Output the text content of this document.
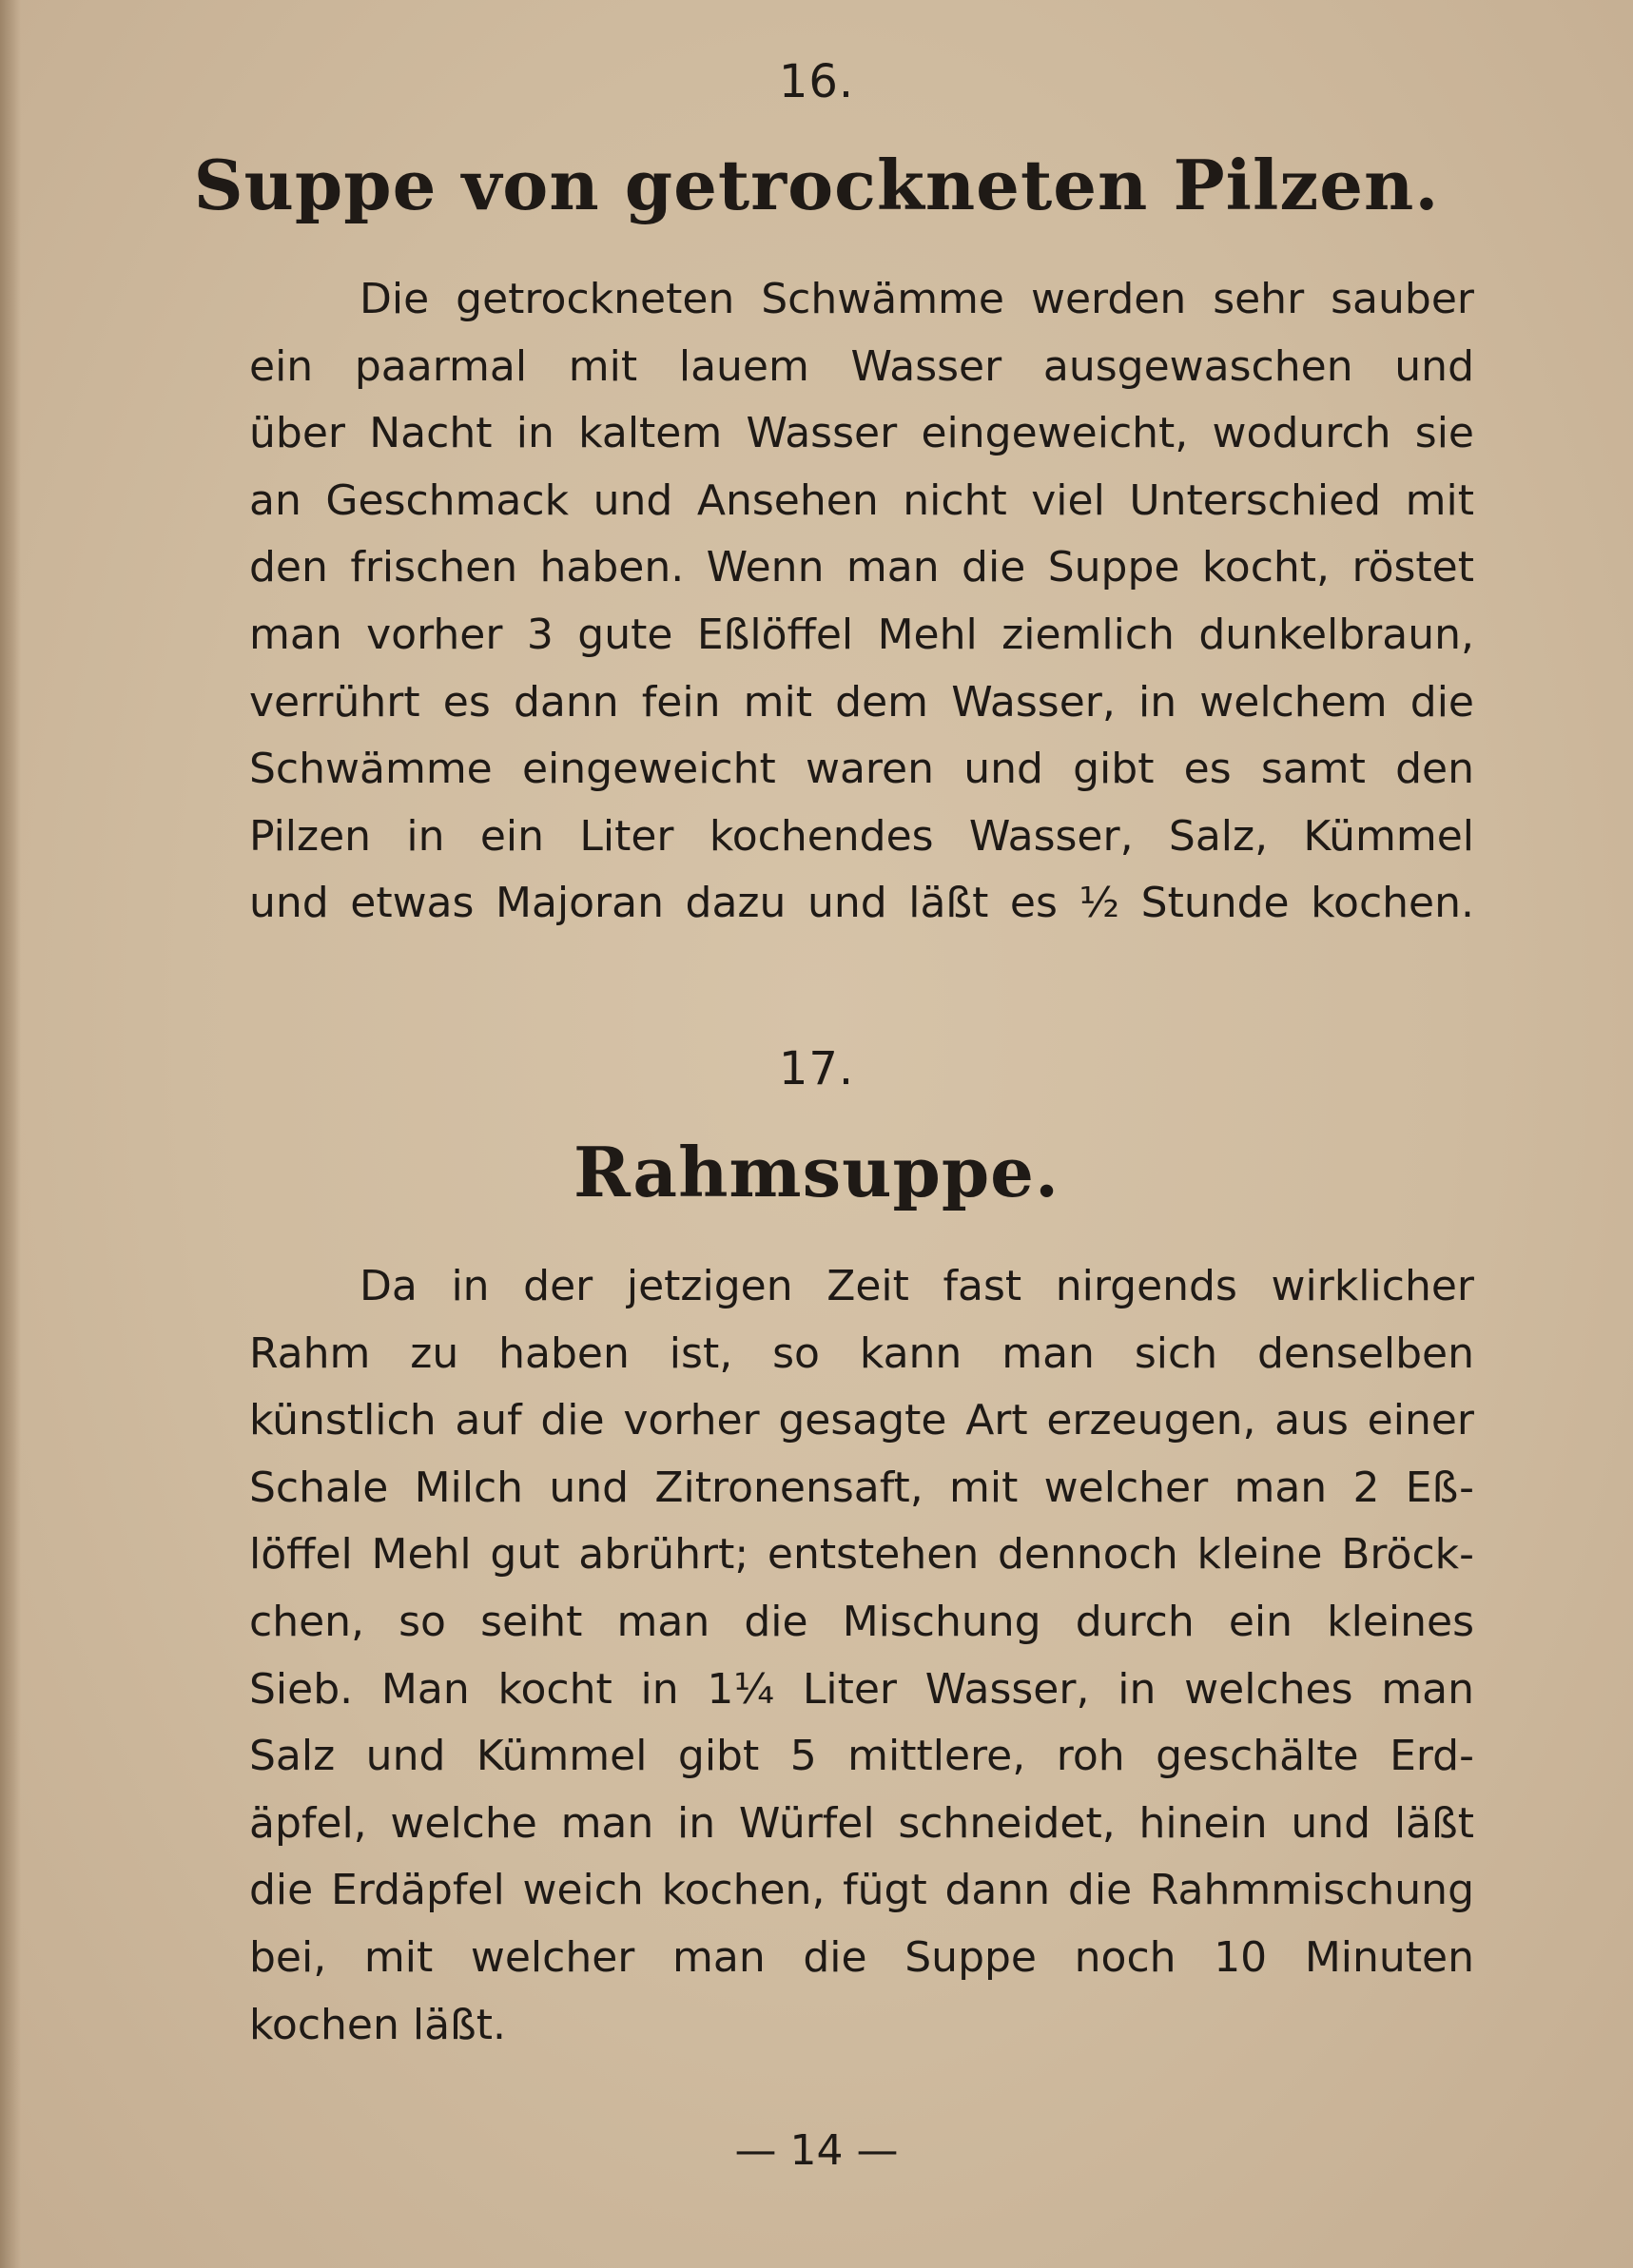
16.
Suppe von getrockneten Pilzen.
Die getrockneten Schwämme werden sehr sauber
ein paarmal mit lauem Wasser ausgewaschen und
über Nacht in kaltem Wasser eingeweicht, wodurch sie
an Geschmack und Ansehen nicht viel Unterschied mit
den frischen haben. Wenn man die Suppe kocht, röstet
man vorher 3 gute Eßlöffel Mehl ziemlich dunkelbraun,
verrührt es dann fein mit dem Wasser, in welchem die
Schwämme eingeweicht waren und gibt es samt den
Pilzen in ein Liter kochendes Wasser, Salz, Kümmel
und etwas Majoran dazu und läßt es ½ Stunde kochen.
17.
Rahmsuppe.
Da in der jetzigen Zeit fast nirgends wirklicher
Rahm zu haben ist, so kann man sich denselben
künstlich auf die vorher gesagte Art erzeugen, aus einer
Schale Milch und Zitronensaft, mit welcher man 2 Eß-
löffel Mehl gut abrührt; entstehen dennoch kleine Bröck-
chen, so seiht man die Mischung durch ein kleines
Sieb. Man kocht in 1¼ Liter Wasser, in welches man
Salz und Kümmel gibt 5 mittlere, roh geschälte Erd-
äpfel, welche man in Würfel schneidet, hinein und läßt
die Erdäpfel weich kochen, fügt dann die Rahmmischung
bei, mit welcher man die Suppe noch 10 Minuten
kochen läßt.
— 14 —
